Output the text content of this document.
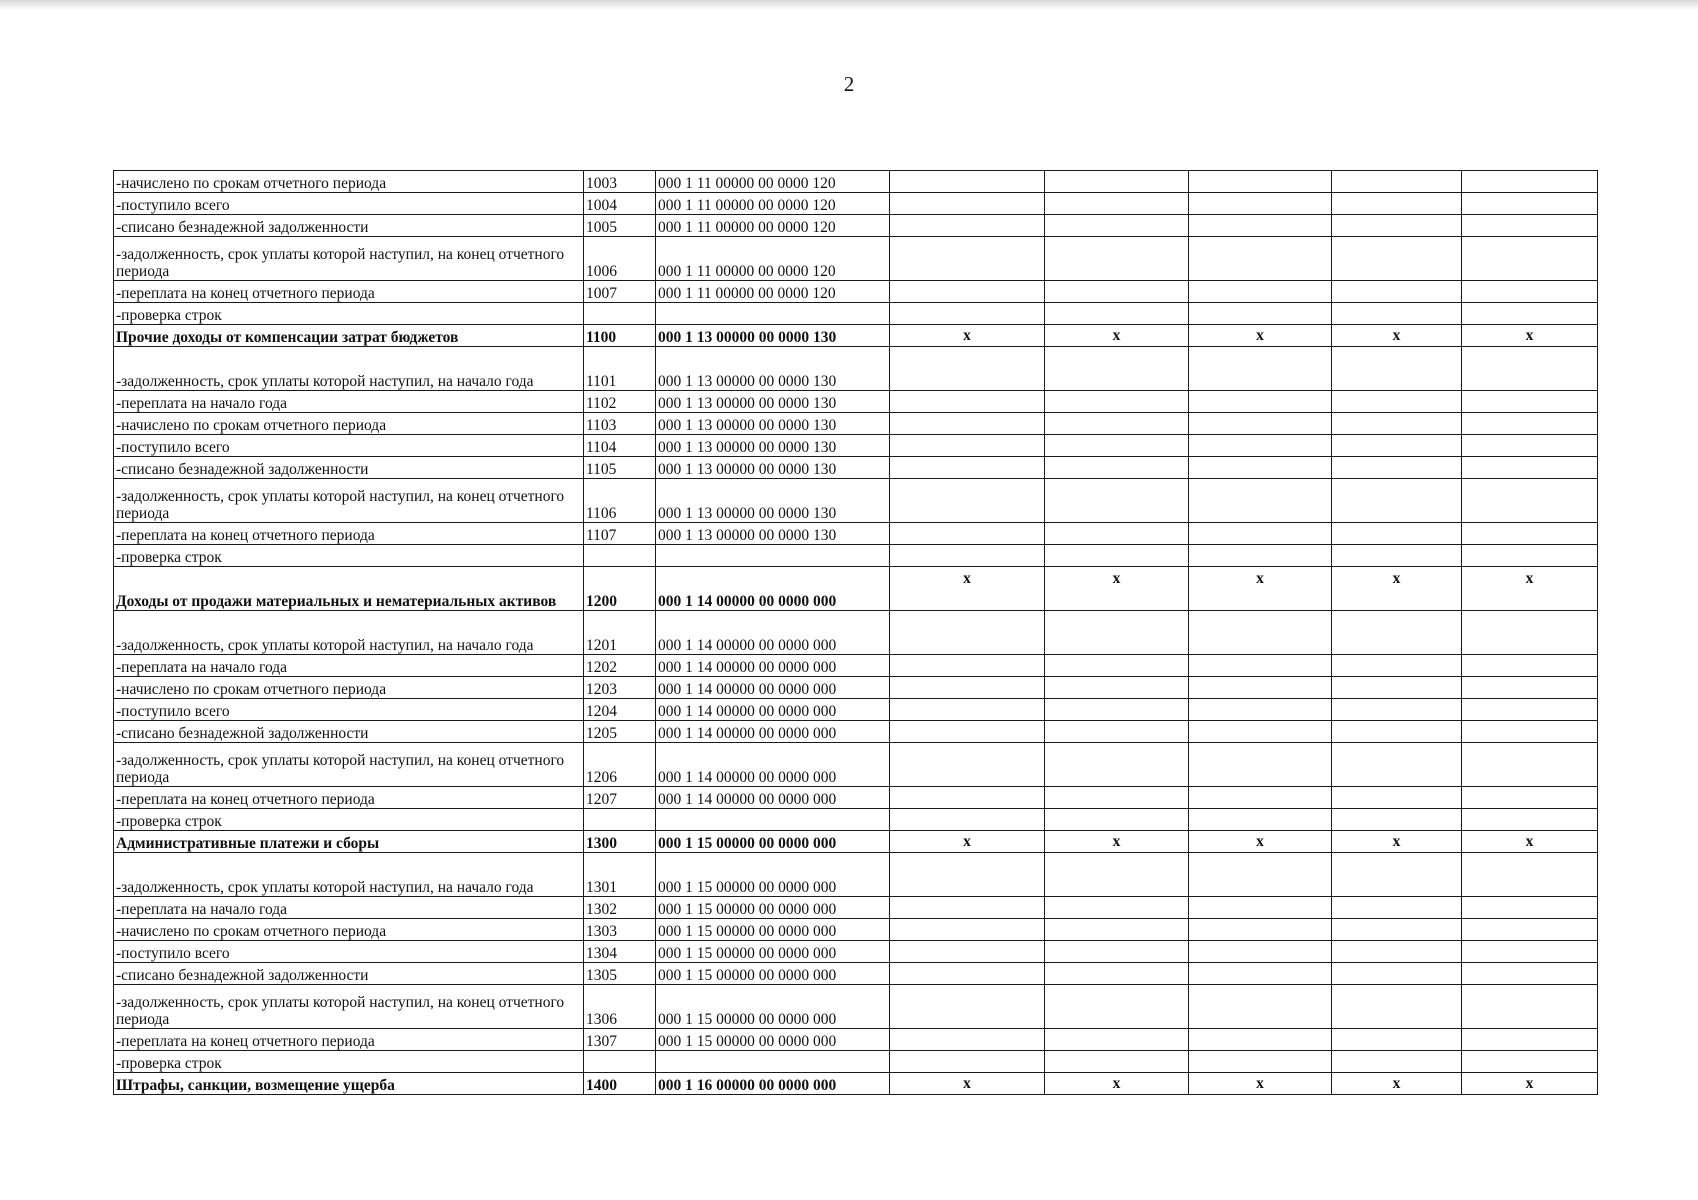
2
-начислено по срокам отчетного периода	1003	000 1 11 00000 00 0000 120					
-поступило всего	1004	000 1 11 00000 00 0000 120					
-списано безнадежной задолженности	1005	000 1 11 00000 00 0000 120					
-задолженность, срок уплаты которой наступил, на конец отчетного периода	1006	000 1 11 00000 00 0000 120					
-переплата на конец отчетного периода	1007	000 1 11 00000 00 0000 120					
-проверка строк							
Прочие доходы от компенсации затрат бюджетов	1100	000 1 13 00000 00 0000 130	x	x	x	x	x
-задолженность, срок уплаты которой наступил, на начало года	1101	000 1 13 00000 00 0000 130					
-переплата на начало года	1102	000 1 13 00000 00 0000 130					
-начислено по срокам отчетного периода	1103	000 1 13 00000 00 0000 130					
-поступило всего	1104	000 1 13 00000 00 0000 130					
-списано безнадежной задолженности	1105	000 1 13 00000 00 0000 130					
-задолженность, срок уплаты которой наступил, на конец отчетного периода	1106	000 1 13 00000 00 0000 130					
-переплата на конец отчетного периода	1107	000 1 13 00000 00 0000 130					
-проверка строк							
Доходы от продажи материальных и нематериальных активов	1200	000 1 14 00000 00 0000 000	x	x	x	x	x
-задолженность, срок уплаты которой наступил, на начало года	1201	000 1 14 00000 00 0000 000					
-переплата на начало года	1202	000 1 14 00000 00 0000 000					
-начислено по срокам отчетного периода	1203	000 1 14 00000 00 0000 000					
-поступило всего	1204	000 1 14 00000 00 0000 000					
-списано безнадежной задолженности	1205	000 1 14 00000 00 0000 000					
-задолженность, срок уплаты которой наступил, на конец отчетного периода	1206	000 1 14 00000 00 0000 000					
-переплата на конец отчетного периода	1207	000 1 14 00000 00 0000 000					
-проверка строк							
Административные платежи и сборы	1300	000 1 15 00000 00 0000 000	x	x	x	x	x
-задолженность, срок уплаты которой наступил, на начало года	1301	000 1 15 00000 00 0000 000					
-переплата на начало года	1302	000 1 15 00000 00 0000 000					
-начислено по срокам отчетного периода	1303	000 1 15 00000 00 0000 000					
-поступило всего	1304	000 1 15 00000 00 0000 000					
-списано безнадежной задолженности	1305	000 1 15 00000 00 0000 000					
-задолженность, срок уплаты которой наступил, на конец отчетного периода	1306	000 1 15 00000 00 0000 000					
-переплата на конец отчетного периода	1307	000 1 15 00000 00 0000 000					
-проверка строк							
Штрафы, санкции, возмещение ущерба	1400	000 1 16 00000 00 0000 000	x	x	x	x	x
